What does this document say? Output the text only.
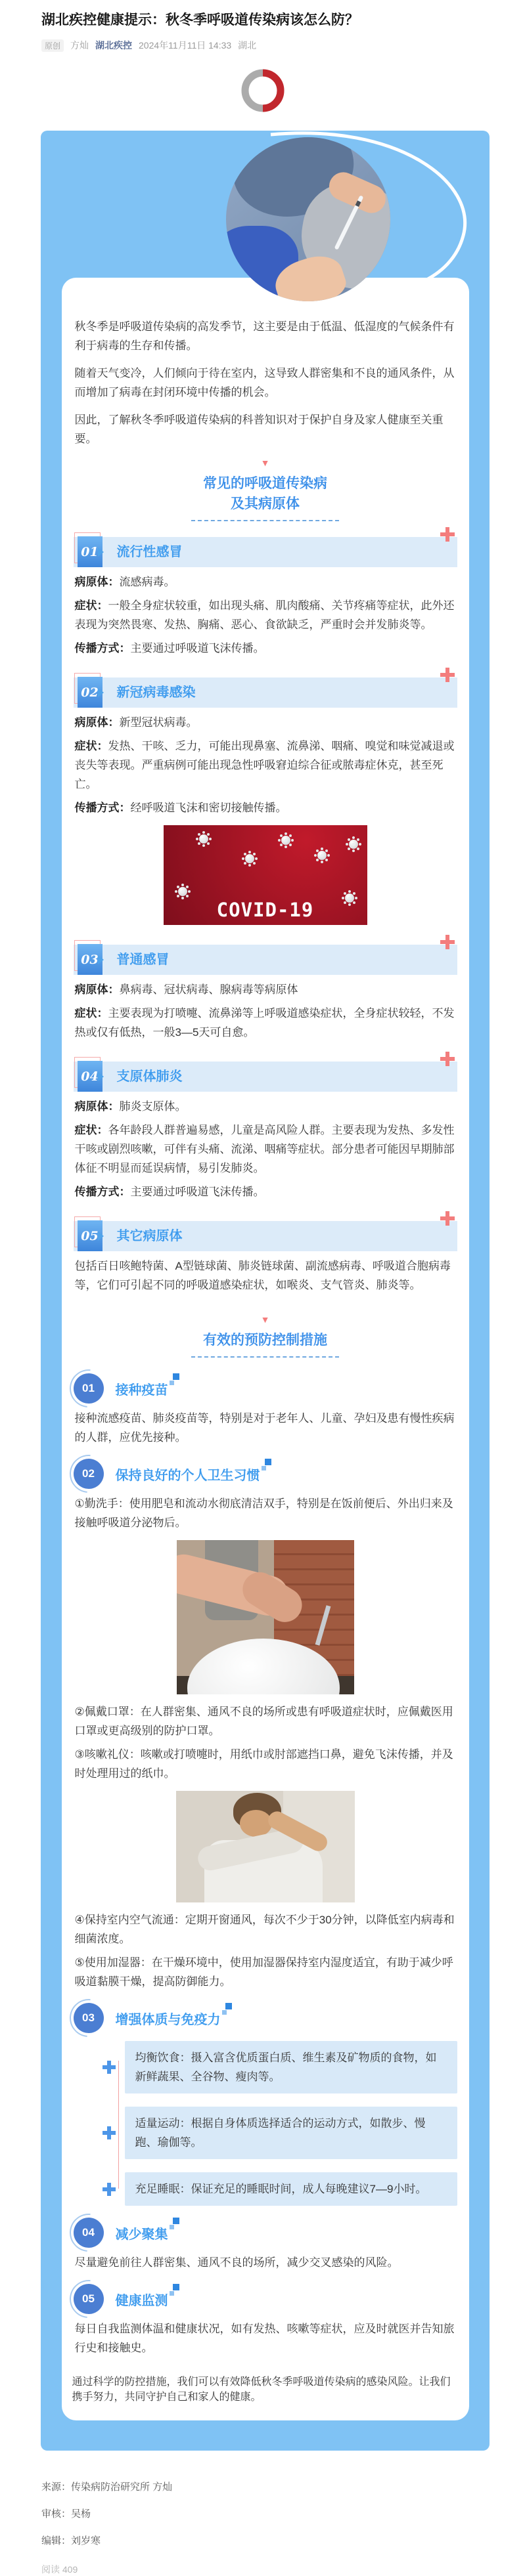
湖北疾控健康提示：秋冬季呼吸道传染病该怎么防？
原创	方灿 湖北疾控 2024年11月11日 14:33 湖北

秋冬季是呼吸道传染病的高发季节，这主要是由于低温、低湿度的气候条件有利于病毒的生存和传播。

随着天气变冷，人们倾向于待在室内，这导致人群密集和不良的通风条件，从而增加了病毒在封闭环境中传播的机会。

因此，了解秋冬季呼吸道传染病的科普知识对于保护自身及家人健康至关重要。

▼
常见的呼吸道传染病
及其病原体
01 流行性感冒

病原体：流感病毒。

症状：一般全身症状较重，如出现头痛、肌肉酸痛、关节疼痛等症状，此外还表现为突然畏寒、发热、胸痛、恶心、食欲缺乏，严重时会并发肺炎等。

传播方式：主要通过呼吸道飞沫传播。

02 新冠病毒感染

病原体：新型冠状病毒。

症状：发热、干咳、乏力，可能出现鼻塞、流鼻涕、咽痛、嗅觉和味觉减退或丧失等表现。严重病例可能出现急性呼吸窘迫综合征或脓毒症休克，甚至死亡。

传播方式：经呼吸道飞沫和密切接触传播。

COVID-19
03 普通感冒

病原体：鼻病毒、冠状病毒、腺病毒等病原体

症状：主要表现为打喷嚏、流鼻涕等上呼吸道感染症状，全身症状较轻，不发热或仅有低热，一般3—5天可自愈。

04 支原体肺炎

病原体：肺炎支原体。

症状：各年龄段人群普遍易感，儿童是高风险人群。主要表现为发热、多发性干咳或剧烈咳嗽，可伴有头痛、流涕、咽痛等症状。部分患者可能因早期肺部体征不明显而延误病情，易引发肺炎。

传播方式：主要通过呼吸道飞沫传播。

05 其它病原体

包括百日咳鲍特菌、A型链球菌、肺炎链球菌、副流感病毒、呼吸道合胞病毒等，它们可引起不同的呼吸道感染症状，如喉炎、支气管炎、肺炎等。

▼
有效的预防控制措施
01	接种疫苗

接种流感疫苗、肺炎疫苗等，特别是对于老年人、儿童、孕妇及患有慢性疾病的人群，应优先接种。

02	保持良好的个人卫生习惯

①勤洗手：使用肥皂和流动水彻底清洁双手，特别是在饭前便后、外出归来及接触呼吸道分泌物后。

②佩戴口罩：在人群密集、通风不良的场所或患有呼吸道症状时，应佩戴医用口罩或更高级别的防护口罩。

③咳嗽礼仪：咳嗽或打喷嚏时，用纸巾或肘部遮挡口鼻，避免飞沫传播，并及时处理用过的纸巾。

④保持室内空气流通：定期开窗通风，每次不少于30分钟，以降低室内病毒和细菌浓度。

⑤使用加湿器：在干燥环境中，使用加湿器保持室内湿度适宜，有助于减少呼吸道黏膜干燥，提高防御能力。

03	增强体质与免疫力
均衡饮食：摄入富含优质蛋白质、维生素及矿物质的食物，如新鲜蔬果、全谷物、瘦肉等。
适量运动：根据自身体质选择适合的运动方式，如散步、慢跑、瑜伽等。
充足睡眠：保证充足的睡眠时间，成人每晚建议7—9小时。
04	减少聚集

尽量避免前往人群密集、通风不良的场所，减少交叉感染的风险。

05	健康监测

每日自我监测体温和健康状况，如有发热、咳嗽等症状，应及时就医并告知旅行史和接触史。

通过科学的防控措施，我们可以有效降低秋冬季呼吸道传染病的感染风险。让我们携手努力，共同守护自己和家人的健康。

来源：传染病防治研究所 方灿

审核：吴杨

编辑：刘岁寒

阅读 409
